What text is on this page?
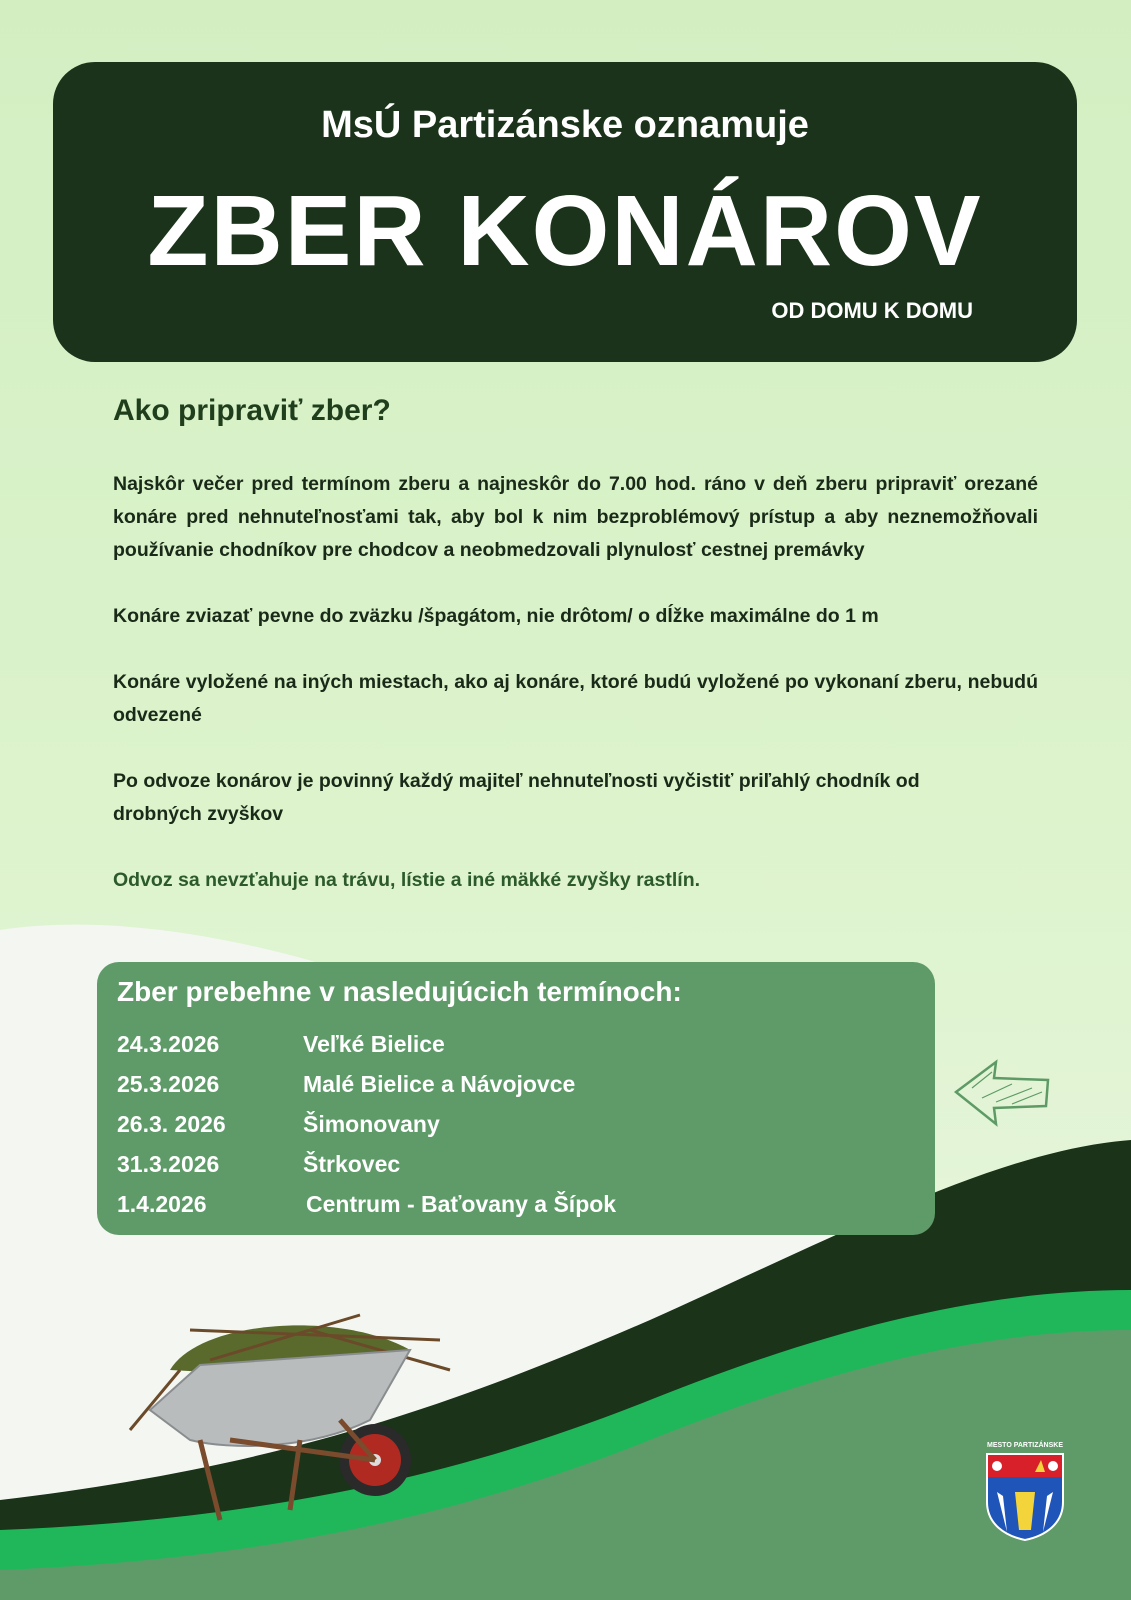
MsÚ Partizánske oznamuje
ZBER KONÁROV
OD DOMU K DOMU
Ako pripraviť zber?

Najskôr večer pred termínom zberu a najneskôr do 7.00 hod. ráno v deň zberu pripraviť orezané konáre pred nehnuteľnosťami tak, aby bol k nim bezproblémový prístup a aby neznemožňovali používanie chodníkov pre chodcov a neobmedzovali plynulosť cestnej premávky

Konáre zviazať pevne do zväzku /špagátom, nie drôtom/ o dĺžke maximálne do 1 m

Konáre vyložené na iných miestach, ako aj konáre, ktoré budú vyložené po vykonaní zberu, nebudú odvezené

Po odvoze konárov je povinný každý majiteľ nehnuteľnosti vyčistiť priľahlý chodník od drobných zvyškov

Odvoz sa nevzťahuje na trávu, lístie a iné mäkké zvyšky rastlín.

Zber prebehne v nasledujúcich termínoch:
24.3.2026	Veľké Bielice
25.3.2026	Malé Bielice a Návojovce
26.3. 2026	Šimonovany
31.3.2026	Štrkovec
1.4.2026	Centrum - Baťovany a Šípok
MESTO PARTIZÁNSKE
